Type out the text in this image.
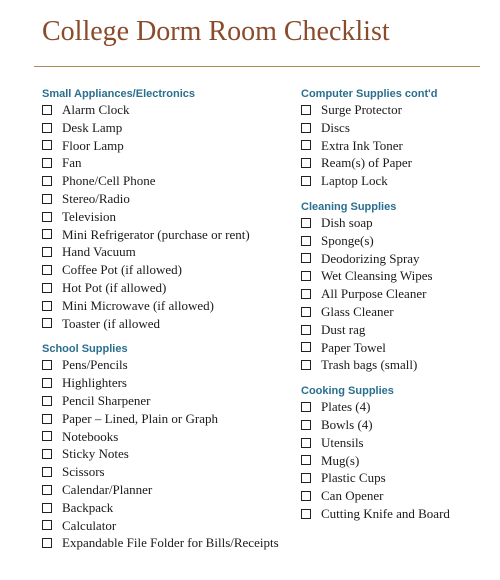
College Dorm Room Checklist
Small Appliances/Electronics
Alarm Clock
Desk Lamp
Floor Lamp
Fan
Phone/Cell Phone
Stereo/Radio
Television
Mini Refrigerator (purchase or rent)
Hand Vacuum
Coffee Pot (if allowed)
Hot Pot (if allowed)
Mini Microwave (if allowed)
Toaster (if allowed
School Supplies
Pens/Pencils
Highlighters
Pencil Sharpener
Paper – Lined, Plain or Graph
Notebooks
Sticky Notes
Scissors
Calendar/Planner
Backpack
Calculator
Expandable File Folder for Bills/Receipts
Computer Supplies cont'd
Surge Protector
Discs
Extra Ink Toner
Ream(s) of Paper
Laptop Lock
Cleaning Supplies
Dish soap
Sponge(s)
Deodorizing Spray
Wet Cleansing Wipes
All Purpose Cleaner
Glass Cleaner
Dust rag
Paper Towel
Trash bags (small)
Cooking Supplies
Plates (4)
Bowls (4)
Utensils
Mug(s)
Plastic Cups
Can Opener
Cutting Knife and Board
